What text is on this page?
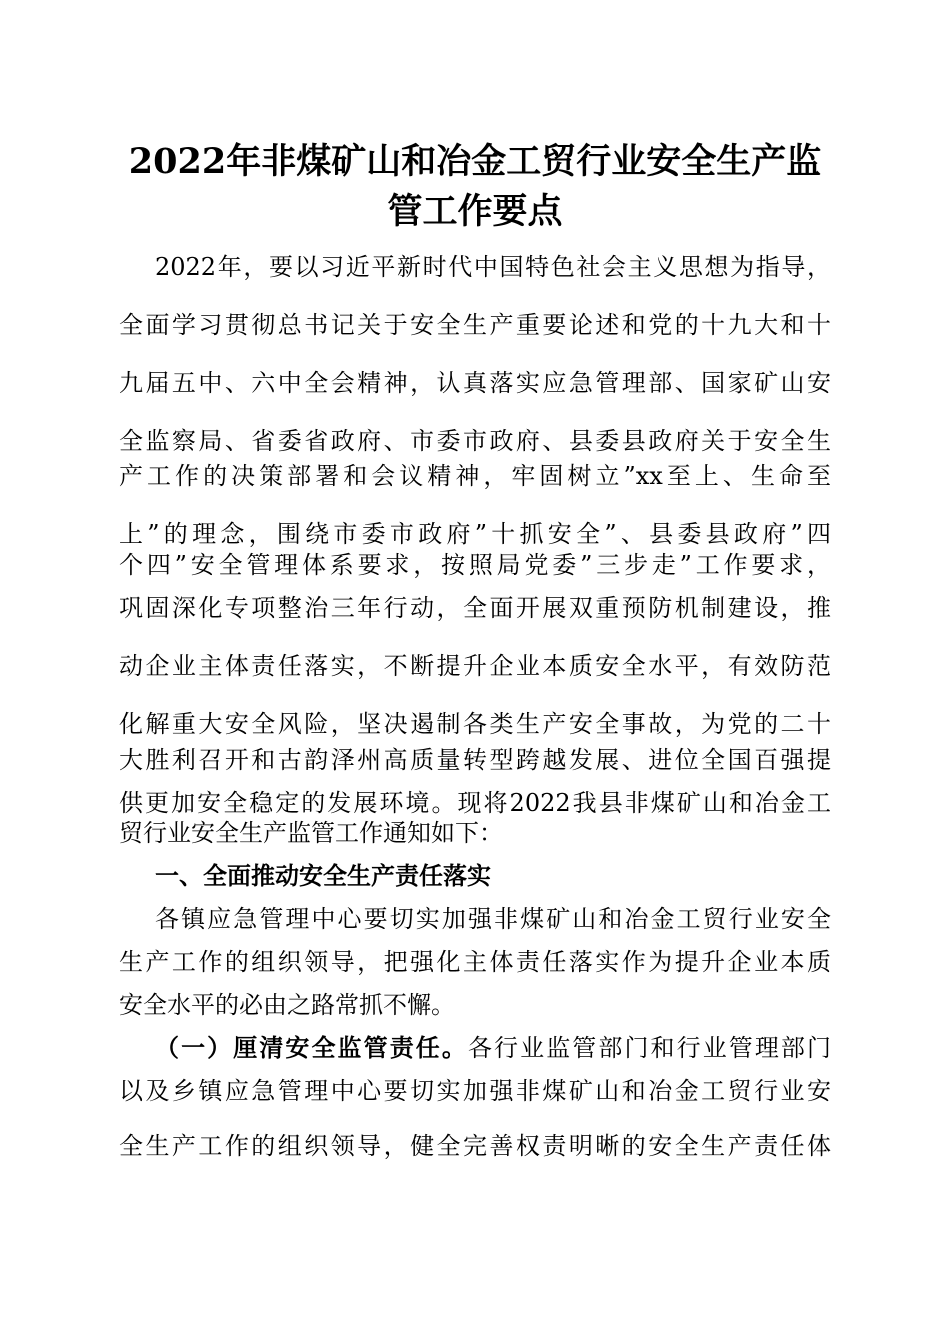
2022年非煤矿山和冶金工贸行业安全生产监
管工作要点
2022年，要以习近平新时代中国特色社会主义思想为指导，
全面学习贯彻总书记关于安全生产重要论述和党的十九大和十
九届五中、六中全会精神，认真落实应急管理部、国家矿山安
全监察局、省委省政府、市委市政府、县委县政府关于安全生
产工作的决策部署和会议精神，牢固树立”xx至上、生命至
上”的理念，围绕市委市政府”十抓安全”、县委县政府”四
个四”安全管理体系要求，按照局党委”三步走”工作要求，
巩固深化专项整治三年行动，全面开展双重预防机制建设，推
动企业主体责任落实，不断提升企业本质安全水平，有效防范
化解重大安全风险，坚决遏制各类生产安全事故，为党的二十
大胜利召开和古韵泽州高质量转型跨越发展、进位全国百强提
供更加安全稳定的发展环境。现将2022我县非煤矿山和冶金工
贸行业安全生产监管工作通知如下：
一、全面推动安全生产责任落实
各镇应急管理中心要切实加强非煤矿山和冶金工贸行业安全
生产工作的组织领导，把强化主体责任落实作为提升企业本质
安全水平的必由之路常抓不懈。
（一）厘清安全监管责任。各行业监管部门和行业管理部门
以及乡镇应急管理中心要切实加强非煤矿山和冶金工贸行业安
全生产工作的组织领导，健全完善权责明晰的安全生产责任体
